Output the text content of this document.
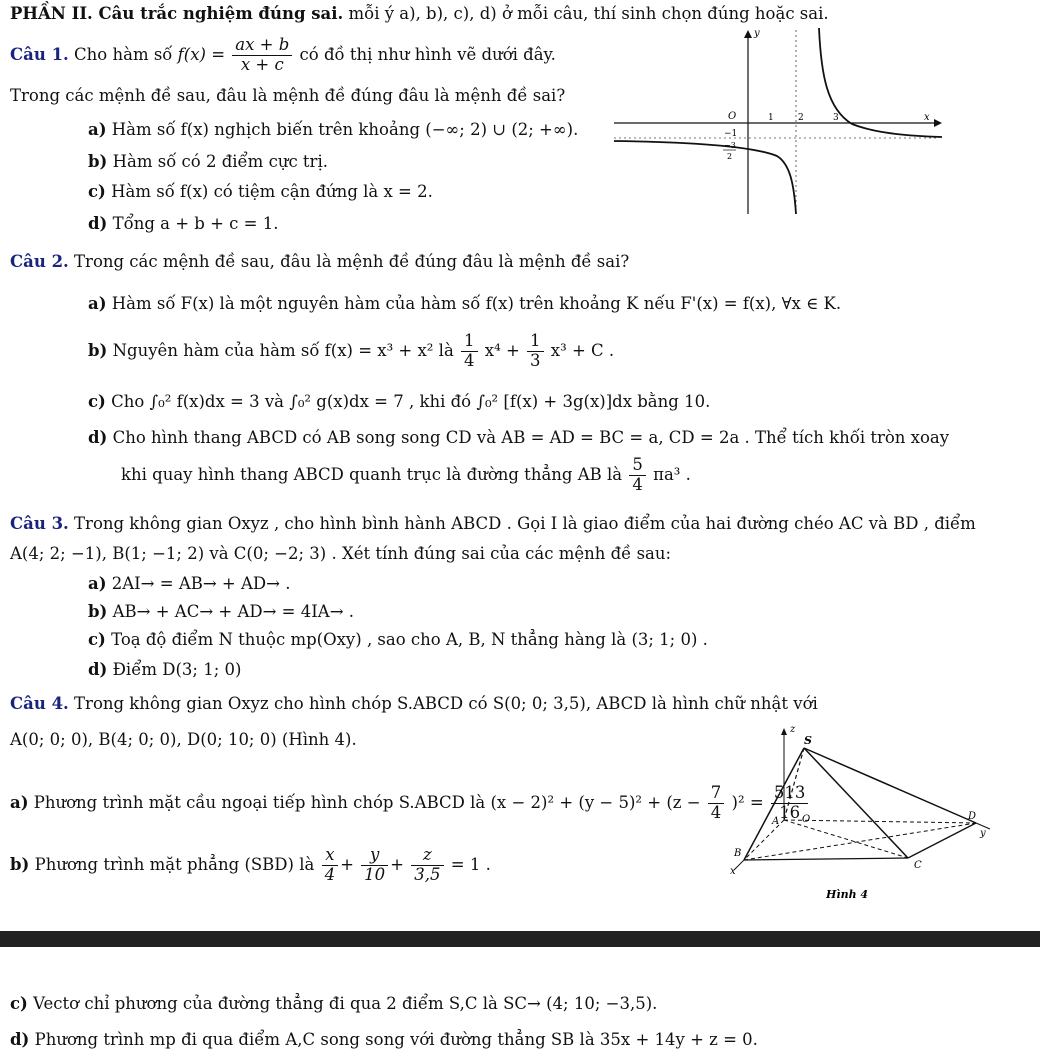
PHẦN II. Câu trắc nghiệm đúng sai. mỗi ý a), b), c), d) ở mỗi câu, thí sinh chọn đúng hoặc sai.
Câu 1. Cho hàm số $f(x) = \frac{ax + b}{x + c}$ có đồ thị như hình vẽ dưới đây.
Trong các mệnh đề sau, đâu là mệnh đề đúng đâu là mệnh đề sai?
a) Hàm số f(x) nghịch biến trên khoảng (−∞; 2) ∪ (2; +∞).
b) Hàm số có 2 điểm cực trị.
c) Hàm số f(x) có tiệm cận đứng là x = 2.
d) Tổng a + b + c = 1.
y
x
O
−1
1	2	3
−3
2
Câu 2. Trong các mệnh đề sau, đâu là mệnh đề đúng đâu là mệnh đề sai?
a) Hàm số F(x) là một nguyên hàm của hàm số f(x) trên khoảng K nếu F'(x) = f(x), ∀x ∈ K.
b) Nguyên hàm của hàm số f(x) = x³ + x² là $\frac{1}{4} x^4 + \frac{1}{3} x^3 + C$ .
c) Cho ∫₀² f(x)dx = 3 và ∫₀² g(x)dx = 7 , khi đó ∫₀² [f(x) + 3g(x)]dx bằng 10.
d) Cho hình thang ABCD có AB song song CD và AB = AD = BC = a, CD = 2a . Thể tích khối tròn xoay
khi quay hình thang ABCD quanh trục là đường thẳng AB là $\frac{5}{4} \pi a^3$ .
Câu 3. Trong không gian Oxyz , cho hình bình hành ABCD . Gọi I là giao điểm của hai đường chéo AC và BD , điểm
A(4; 2; −1), B(1; −1; 2) và C(0; −2; 3) . Xét tính đúng sai của các mệnh đề sau:
a) 2AI→ = AB→ + AD→ .
b) AB→ + AC→ + AD→ = 4IA→ .
c) Toạ độ điểm N thuộc mp(Oxy) , sao cho A, B, N thẳng hàng là (3; 1; 0) .
d) Điểm D(3; 1; 0)
Câu 4. Trong không gian Oxyz cho hình chóp S.ABCD có S(0; 0; 3,5), ABCD là hình chữ nhật với
A(0; 0; 0), B(4; 0; 0), D(0; 10; 0) (Hình 4).
a) Phương trình mặt cầu ngoại tiếp hình chóp S.ABCD là $(x - 2)^2 + (y - 5)^2 + (z - \frac{7}{4} )^2 = \frac{513}{16}$
b) Phương trình mặt phẳng (SBD) là $\frac{x}{4} + \frac{y}{10} + \frac{z}{3,5} = 1$ .
z
S
A O	D
y
B
x
C
Hình 4
c) Vectơ chỉ phương của đường thẳng đi qua 2 điểm S,C là SC→ (4; 10; −3,5).
d) Phương trình mp đi qua điểm A,C song song với đường thẳng SB là 35x + 14y + z = 0.
